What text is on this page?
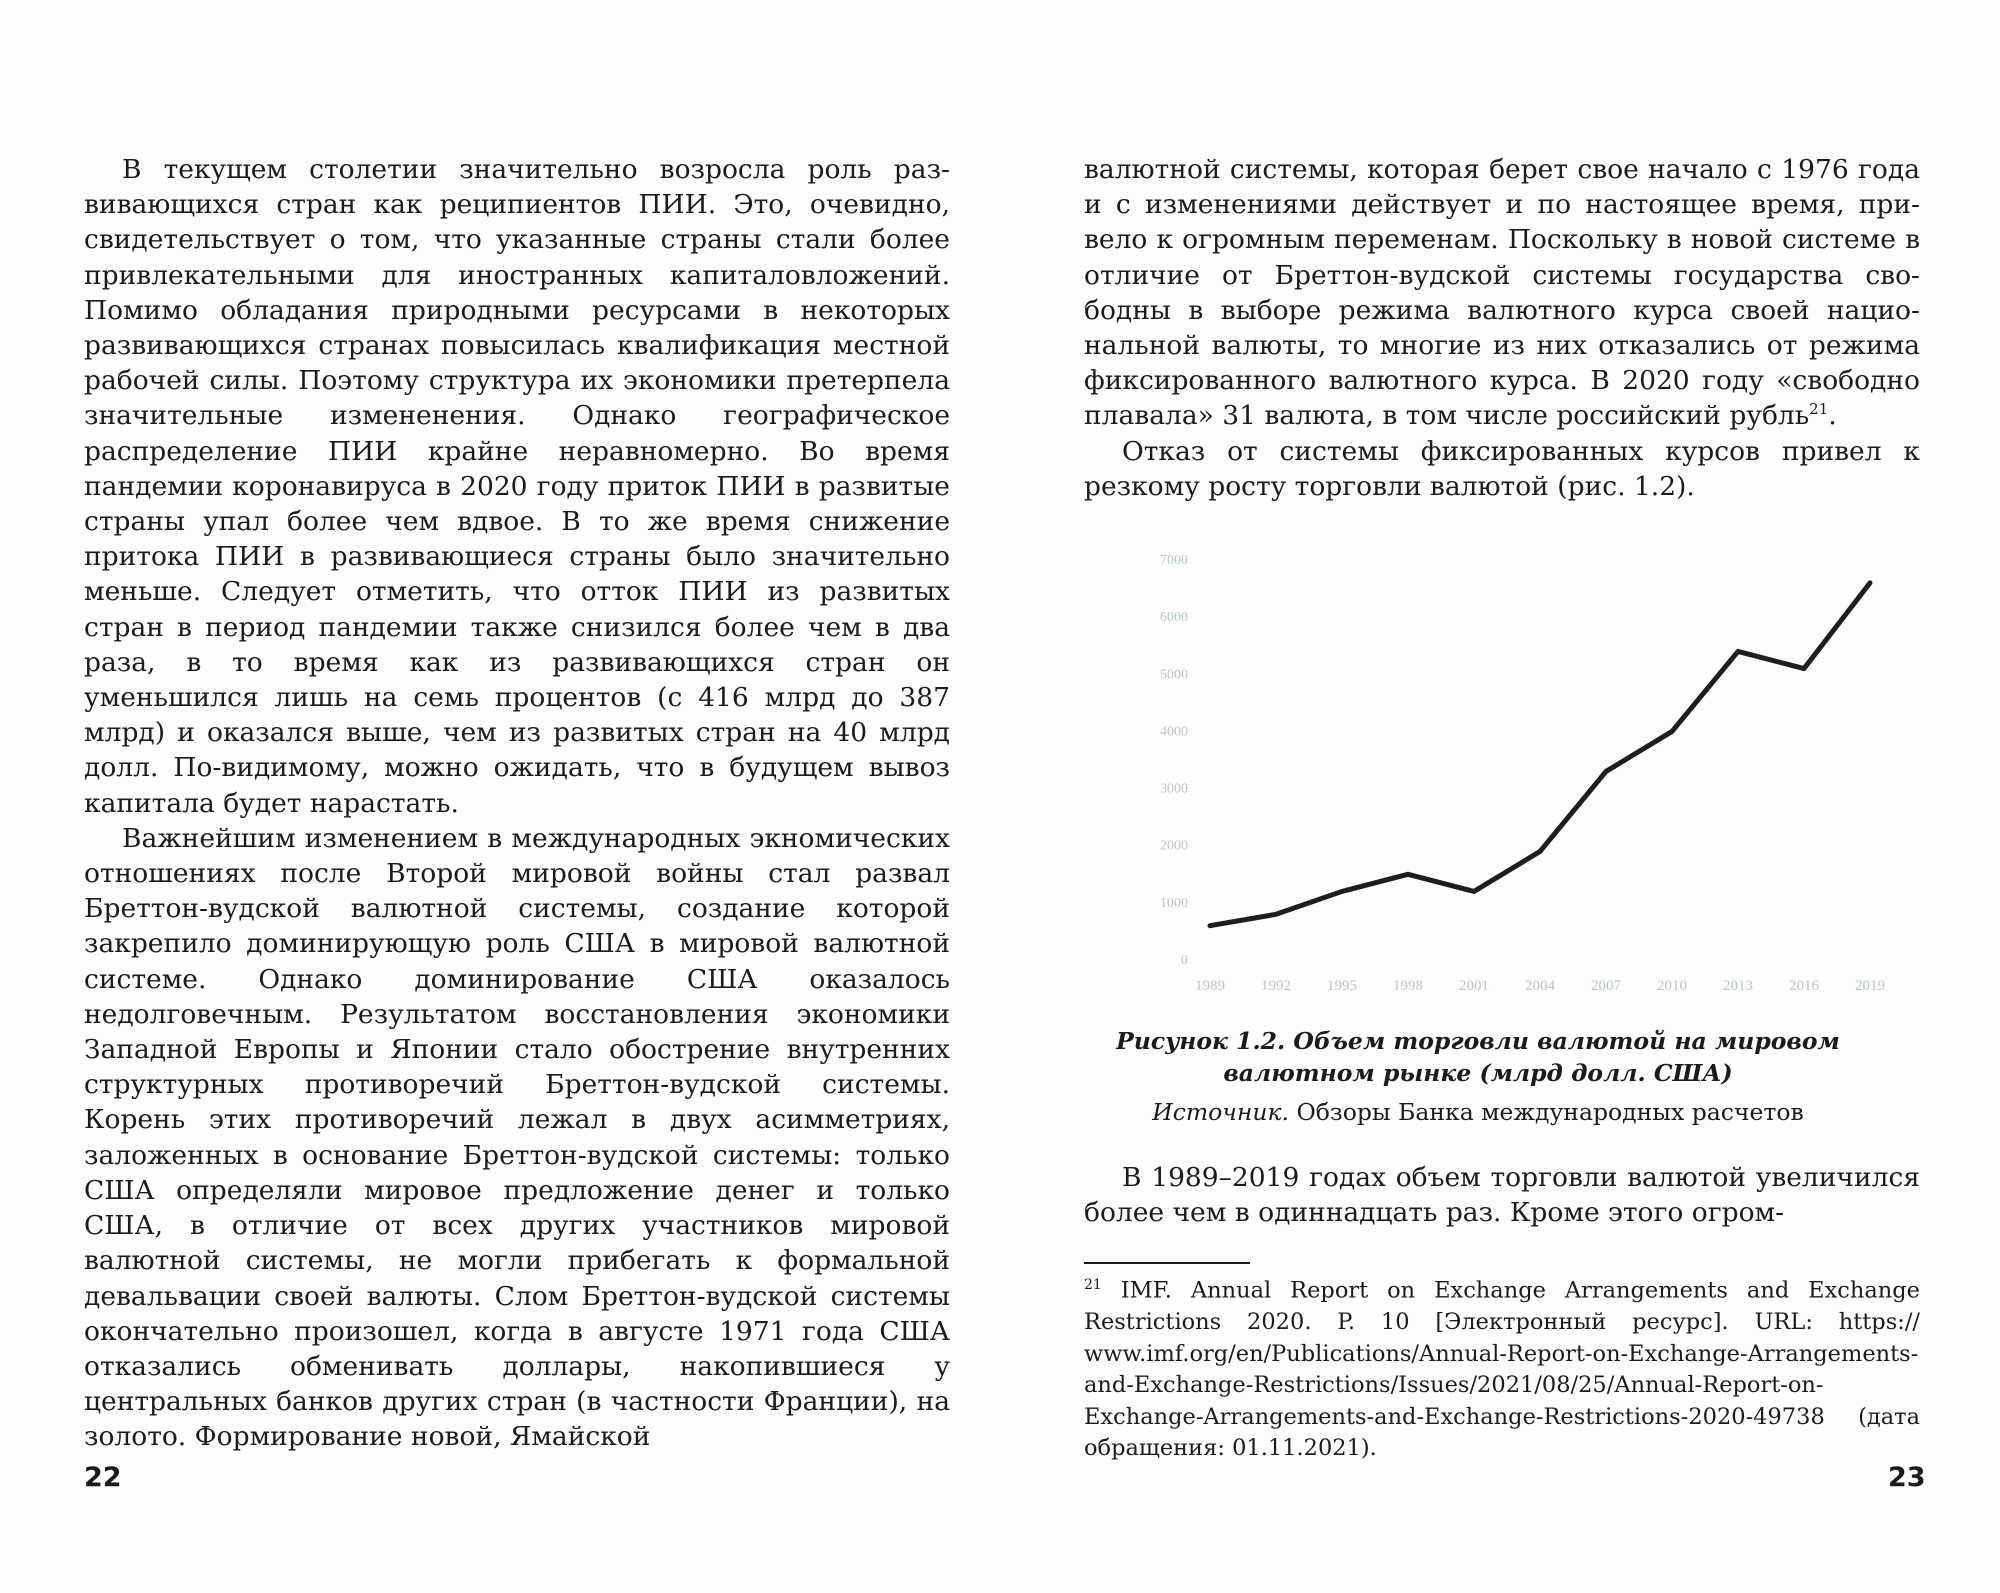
В текущем столетии значительно возросла роль развивающихся стран как реципиентов ПИИ. Это, очевидно, свидетельствует о том, что указанные страны стали более привлекательными для иностранных капиталовложений. Помимо обладания природными ресурсами в некоторых развивающихся странах повысилась квалификация местной рабочей силы. Поэтому структура их экономики претерпела значительные измененения. Однако географическое распределение ПИИ крайне неравномерно. Во время пандемии коронавируса в 2020 году приток ПИИ в развитые страны упал более чем вдвое. В то же время снижение притока ПИИ в развивающиеся страны было значительно меньше. Следует отметить, что отток ПИИ из развитых стран в период пандемии также снизился более чем в два раза, в то время как из развивающихся стран он уменьшился лишь на семь процентов (с 416 млрд до 387 млрд) и оказался выше, чем из развитых стран на 40 млрд долл. По-видимому, можно ожидать, что в будущем вывоз капитала будет нарастать.

Важнейшим изменением в международных экномических отношениях после Второй мировой войны стал развал Бреттон-вудской валютной системы, создание которой закрепило доминирующую роль США в мировой валютной системе. Однако доминирование США оказалось недолговечным. Результатом восстановления экономики Западной Европы и Японии стало обострение внутренних структурных противоречий Бреттон-вудской системы. Корень этих противоречий лежал в двух асимметриях, заложенных в основание Бреттон-вудской системы: только США определяли мировое предложение денег и только США, в отличие от всех других участников мировой валютной системы, не могли прибегать к формальной девальвации своей валюты. Слом Бреттон-вудской системы окончательно произошел, когда в августе 1971 года США отказались обменивать доллары, накопившиеся у центральных банков других стран (в частности Франции), на золото. Формирование новой, Ямайской

22

валютной системы, которая берет свое начало с 1976 года и с изменениями действует и по настоящее время, привело к огромным переменам. Поскольку в новой системе в отличие от Бреттон-вудской системы государства свободны в выборе режима валютного курса своей национальной валюты, то многие из них отказались от режима фиксированного валютного курса. В 2020 году «свободно плавала» 31 валюта, в том числе российский рубль$^{21}$.

Отказ от системы фиксированных курсов привел к резкому росту торговли валютой (рис. 1.2).

0
1000
2000
3000
4000
5000
6000
7000
1989 1992 1995 1998 2001 2004 2007 2010 2013 2016 2019
Рисунок 1.2. Объем торговли валютой на мировом валютном рынке (млрд долл. США)
Источник. Обзоры Банка международных расчетов

В 1989–2019 годах объем торговли валютой увеличился более чем в одиннадцать раз. Кроме этого огром-

$^{21}$ IMF. Annual Report on Exchange Arrangements and Exchange Restrictions 2020. P. 10 [Электронный ресурс]. URL: https://​www.imf.org/en/Publications/Annual-Report-on-Exchange-​Arrangements-and-Exchange-Restrictions/Issues/2021/08/25/​Annual-Report-on-Exchange-Arrangements-and-Exchange-​Restrictions-2020-49738 (дата обращения: 01.11.2021).
23
